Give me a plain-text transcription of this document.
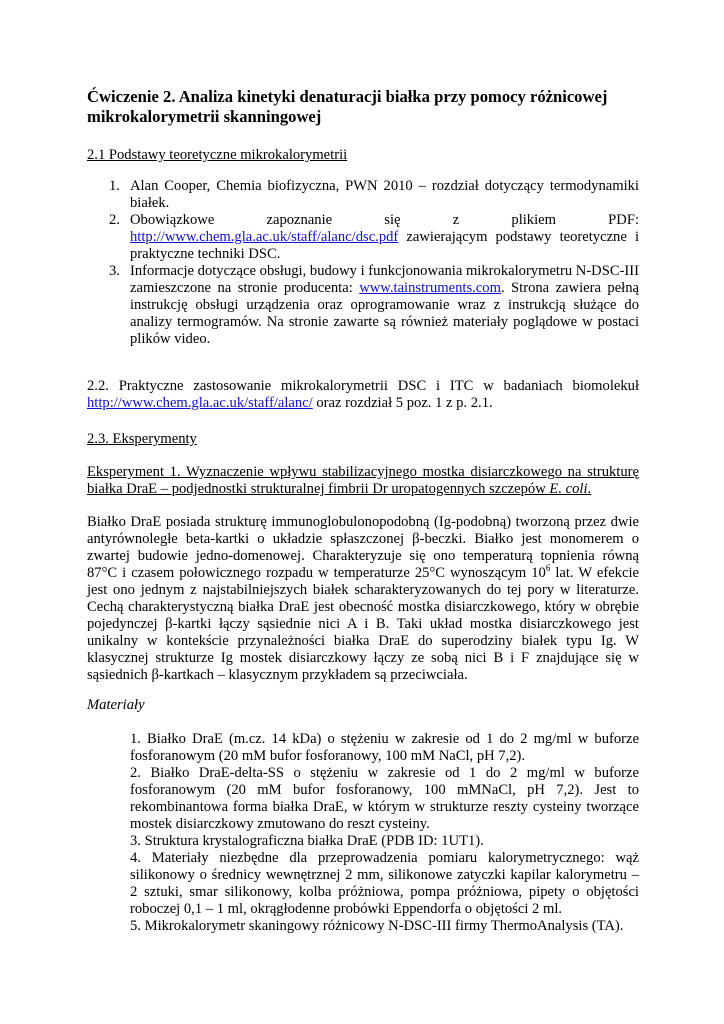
Ćwiczenie 2. Analiza kinetyki denaturacji białka przy pomocy różnicowej mikrokalorymetrii skanningowej
2.1 Podstawy teoretyczne mikrokalorymetrii
1. Alan Cooper, Chemia biofizyczna, PWN 2010 – rozdział dotyczący termodynamiki białek.
2. Obowiązkowe zapoznanie się z plikiem PDF: http://www.chem.gla.ac.uk/staff/alanc/dsc.pdf zawierającym podstawy teoretyczne i praktyczne techniki DSC.
3. Informacje dotyczące obsługi, budowy i funkcjonowania mikrokalorymetru N-DSC-III zamieszczone na stronie producenta: www.tainstruments.com. Strona zawiera pełną instrukcję obsługi urządzenia oraz oprogramowanie wraz z instrukcją służące do analizy termogramów. Na stronie zawarte są również materiały poglądowe w postaci plików video.
2.2. Praktyczne zastosowanie mikrokalorymetrii DSC i ITC w badaniach biomolekuł http://www.chem.gla.ac.uk/staff/alanc/ oraz rozdział 5 poz. 1 z p. 2.1.
2.3. Eksperymenty
Eksperyment 1. Wyznaczenie wpływu stabilizacyjnego mostka disiarczkowego na strukturę białka DraE – podjednostki strukturalnej fimbrii Dr uropatogennych szczepów E. coli.
Białko DraE posiada strukturę immunoglobulonopodobną (Ig-podobną) tworzoną przez dwie antyrównoległe beta-kartki o układzie spłaszczonej β-beczki. Białko jest monomerem o zwartej budowie jedno-domenowej. Charakteryzuje się ono temperaturą topnienia równą 87°C i czasem połowicznego rozpadu w temperaturze 25°C wynoszącym $10^6$ lat. W efekcie jest ono jednym z najstabilniejszych białek scharakteryzowanych do tej pory w literaturze. Cechą charakterystyczną białka DraE jest obecność mostka disiarczkowego, który w obrębie pojedynczej β-kartki łączy sąsiednie nici A i B. Taki układ mostka disiarczkowego jest unikalny w kontekście przynależności białka DraE do superodziny białek typu Ig. W klasycznej strukturze Ig mostek disiarczkowy łączy ze sobą nici B i F znajdujące się w sąsiednich β-kartkach – klasycznym przykładem są przeciwciała.
Materiały
1. Białko DraE (m.cz. 14 kDa) o stężeniu w zakresie od 1 do 2 mg/ml w buforze fosforanowym (20 mM bufor fosforanowy, 100 mM NaCl, pH 7,2).
2. Białko DraE-delta-SS o stężeniu w zakresie od 1 do 2 mg/ml w buforze fosforanowym (20 mM bufor fosforanowy, 100 mMNaCl, pH 7,2). Jest to rekombinantowa forma białka DraE, w którym w strukturze reszty cysteiny tworzące mostek disiarczkowy zmutowano do reszt cysteiny.
3. Struktura krystalograficzna białka DraE (PDB ID: 1UT1).
4. Materiały niezbędne dla przeprowadzenia pomiaru kalorymetrycznego: wąż silikonowy o średnicy wewnętrznej 2 mm, silikonowe zatyczki kapilar kalorymetru – 2 sztuki, smar silikonowy, kolba próżniowa, pompa próżniowa, pipety o objętości roboczej 0,1 – 1 ml, okrągłodenne probówki Eppendorfa o objętości 2 ml.
5. Mikrokalorymetr skaningowy różnicowy N-DSC-III firmy ThermoAnalysis (TA).
